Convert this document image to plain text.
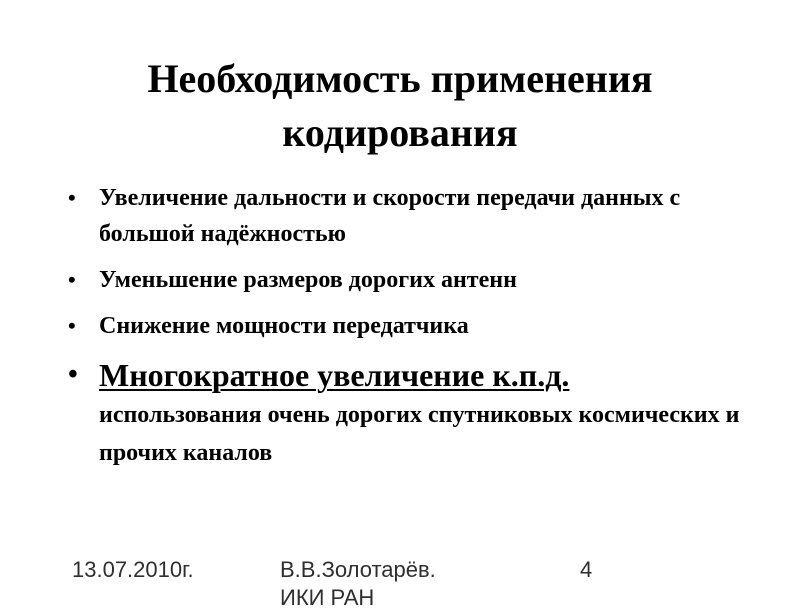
Необходимость применения
кодирования
• Увеличение дальности и скорости передачи данных с большой надёжностью
• Уменьшение размеров дорогих антенн
• Снижение мощности передатчика
• Многократное увеличение к.п.д.
использования очень дорогих спутниковых космических и прочих каналов
13.07.2010г.	В.В.Золотарёв.
ИКИ РАН
4
